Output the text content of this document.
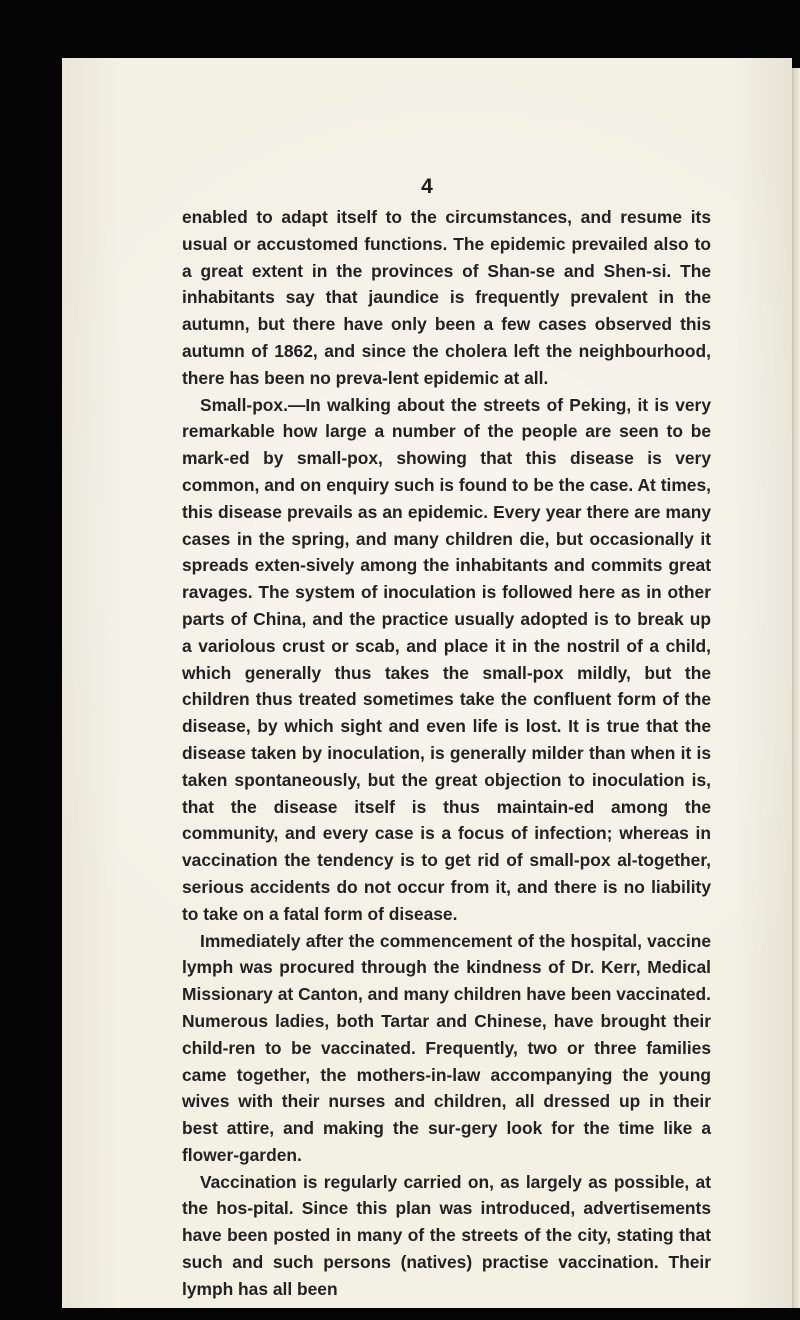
4

enabled to adapt itself to the circumstances, and resume its usual or accustomed functions. The epidemic prevailed also to a great extent in the provinces of Shan-se and Shen-si. The inhabitants say that jaundice is frequently prevalent in the autumn, but there have only been a few cases observed this autumn of 1862, and since the cholera left the neighbourhood, there has been no preva-lent epidemic at all.

Small-pox.—In walking about the streets of Peking, it is very remarkable how large a number of the people are seen to be mark-ed by small-pox, showing that this disease is very common, and on enquiry such is found to be the case. At times, this disease prevails as an epidemic. Every year there are many cases in the spring, and many children die, but occasionally it spreads exten-sively among the inhabitants and commits great ravages. The system of inoculation is followed here as in other parts of China, and the practice usually adopted is to break up a variolous crust or scab, and place it in the nostril of a child, which generally thus takes the small-pox mildly, but the children thus treated sometimes take the confluent form of the disease, by which sight and even life is lost. It is true that the disease taken by inoculation, is generally milder than when it is taken spontaneously, but the great objection to inoculation is, that the disease itself is thus maintain-ed among the community, and every case is a focus of infection; whereas in vaccination the tendency is to get rid of small-pox al-together, serious accidents do not occur from it, and there is no liability to take on a fatal form of disease.

Immediately after the commencement of the hospital, vaccine lymph was procured through the kindness of Dr. Kerr, Medical Missionary at Canton, and many children have been vaccinated. Numerous ladies, both Tartar and Chinese, have brought their child-ren to be vaccinated. Frequently, two or three families came together, the mothers-in-law accompanying the young wives with their nurses and children, all dressed up in their best attire, and making the sur-gery look for the time like a flower-garden.

Vaccination is regularly carried on, as largely as possible, at the hos-pital. Since this plan was introduced, advertisements have been posted in many of the streets of the city, stating that such and such persons (natives) practise vaccination. Their lymph has all been
